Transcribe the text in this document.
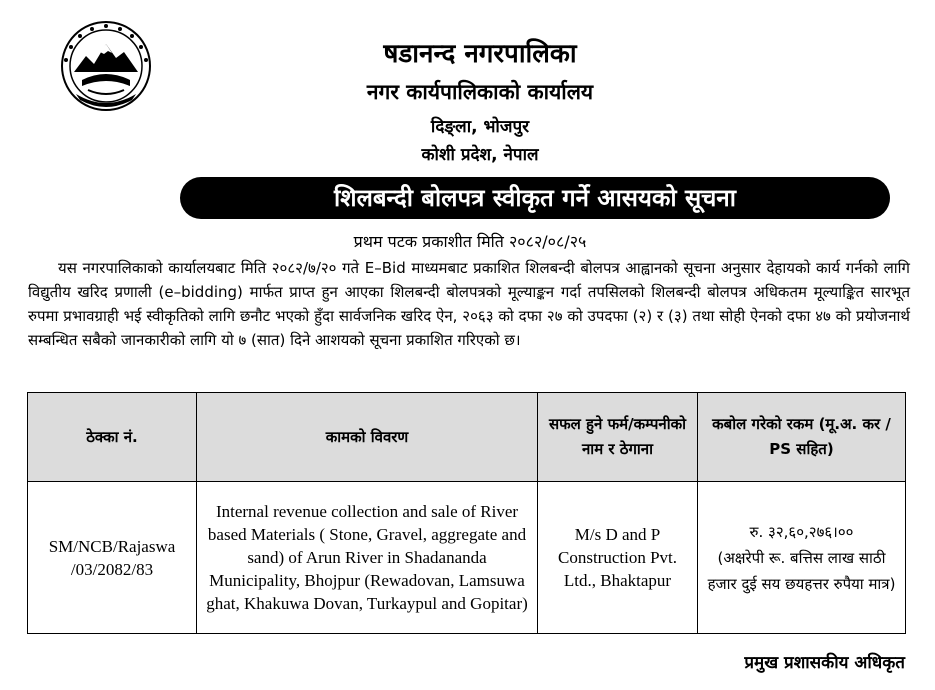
षडानन्द नगरपालिका
नगर कार्यपालिकाको कार्यालय
दिङ्ला, भोजपुर
कोशी प्रदेश, नेपाल
शिलबन्दी बोलपत्र स्वीकृत गर्ने आसयको सूचना
प्रथम पटक प्रकाशीत मिति २०८२/०८/२५

यस नगरपालिकाको कार्यालयबाट मिति २०८२/७/२० गते E–Bid माध्यमबाट प्रकाशित शिलबन्दी बोलपत्र आह्वानको सूचना अनुसार देहायको कार्य गर्नको लागि विद्युतीय खरिद प्रणाली (e–bidding) मार्फत प्राप्त हुन आएका शिलबन्दी बोलपत्रको मूल्याङ्कन गर्दा तपसिलको शिलबन्दी बोलपत्र अधिकतम मूल्याङ्कित सारभूत रुपमा प्रभावग्राही भई स्वीकृतिको लागि छनौट भएको हुँदा सार्वजनिक खरिद ऐन, २०६३ को दफा २७ को उपदफा (२) र (३) तथा सोही ऐनको दफा ४७ को प्रयोजनार्थ सम्बन्धित सबैको जानकारीको लागि यो ७ (सात) दिने आशयको सूचना प्रकाशित गरिएको छ।

ठेक्का नं.	कामको विवरण	सफल हुने फर्म/कम्पनीको नाम र ठेगाना	कबोल गरेको रकम (मू.अ. कर / PS सहित)
SM/NCB/Rajaswa /03/2082/83	Internal revenue collection and sale of River based Materials ( Stone, Gravel, aggregate and sand) of Arun River in Shadananda Municipality, Bhojpur (Rewadovan, Lamsuwa ghat, Khakuwa Dovan, Turkaypul and Gopitar)	M/s D and P Construction Pvt. Ltd., Bhaktapur	रु. ३२,६०,२७६।००
(अक्षरेपी रू. बत्तिस लाख साठी हजार दुई सय छयहत्तर रुपैया मात्र)
प्रमुख प्रशासकीय अधिकृत
